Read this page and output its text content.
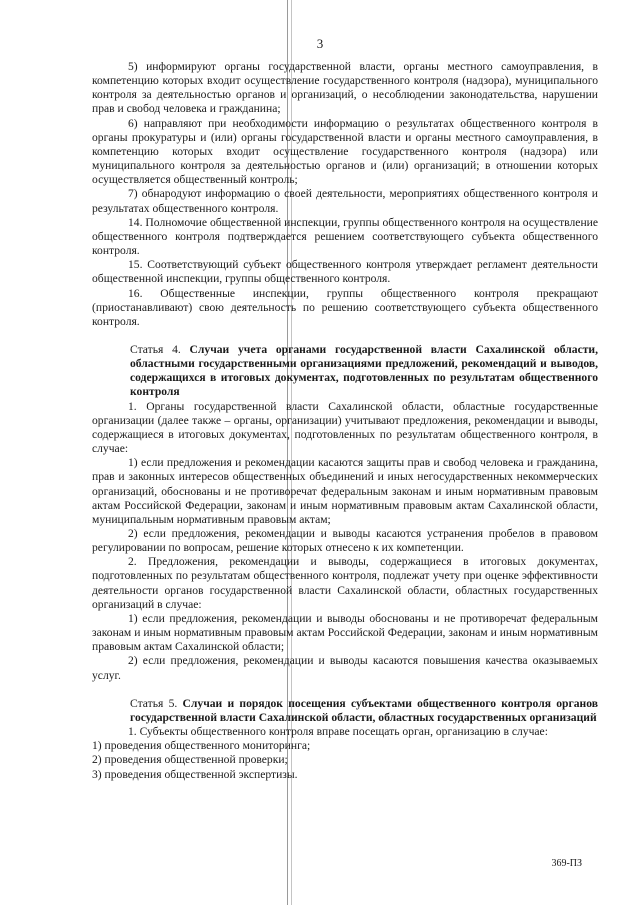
3

5) информируют органы государственной власти, органы местного самоуправления, в компетенцию которых входит осуществление государственного контроля (надзора), муниципального контроля за деятельностью органов и организаций, о несоблюдении законодательства, нарушении прав и свобод человека и гражданина;

6) направляют при необходимости информацию о результатах общественного контроля в органы прокуратуры и (или) органы государственной власти и органы местного самоуправления, в компетенцию которых входит осуществление государственного контроля (надзора) или муниципального контроля за деятельностью органов и (или) организаций; в отношении которых осуществляется общественный контроль;

7) обнародуют информацию о своей деятельности, мероприятиях общественного контроля и результатах общественного контроля.

14. Полномочие общественной инспекции, группы общественного контроля на осуществление общественного контроля подтверждается решением соответствующего субъекта общественного контроля.

15. Соответствующий субъект общественного контроля утверждает регламент деятельности общественной инспекции, группы общественного контроля.

16. Общественные инспекции, группы общественного контроля прекращают (приостанавливают) свою деятельность по решению соответствующего субъекта общественного контроля.

Статья 4. Случаи учета органами государственной власти Сахалинской области, областными государственными организациями предложений, рекомендаций и выводов, содержащихся в итоговых документах, подготовленных по результатам общественного контроля

1. Органы государственной власти Сахалинской области, областные государственные организации (далее также – органы, организации) учитывают предложения, рекомендации и выводы, содержащиеся в итоговых документах, подготовленных по результатам общественного контроля, в случае:

1) если предложения и рекомендации касаются защиты прав и свобод человека и гражданина, прав и законных интересов общественных объединений и иных негосударственных некоммерческих организаций, обоснованы и не противоречат федеральным законам и иным нормативным правовым актам Российской Федерации, законам и иным нормативным правовым актам Сахалинской области, муниципальным нормативным правовым актам;

2) если предложения, рекомендации и выводы касаются устранения пробелов в правовом регулировании по вопросам, решение которых отнесено к их компетенции.

2. Предложения, рекомендации и выводы, содержащиеся в итоговых документах, подготовленных по результатам общественного контроля, подлежат учету при оценке эффективности деятельности органов государственной власти Сахалинской области, областных государственных организаций в случае:

1) если предложения, рекомендации и выводы обоснованы и не противоречат федеральным законам и иным нормативным правовым актам Российской Федерации, законам и иным нормативным правовым актам Сахалинской области;

2) если предложения, рекомендации и выводы касаются повышения качества оказываемых услуг.

Статья 5. Случаи и порядок посещения субъектами общественного контроля органов государственной власти Сахалинской области, областных государственных организаций

1. Субъекты общественного контроля вправе посещать орган, организацию в случае:

1) проведения общественного мониторинга;

2) проведения общественной проверки;

3) проведения общественной экспертизы.

369-ПЗ
